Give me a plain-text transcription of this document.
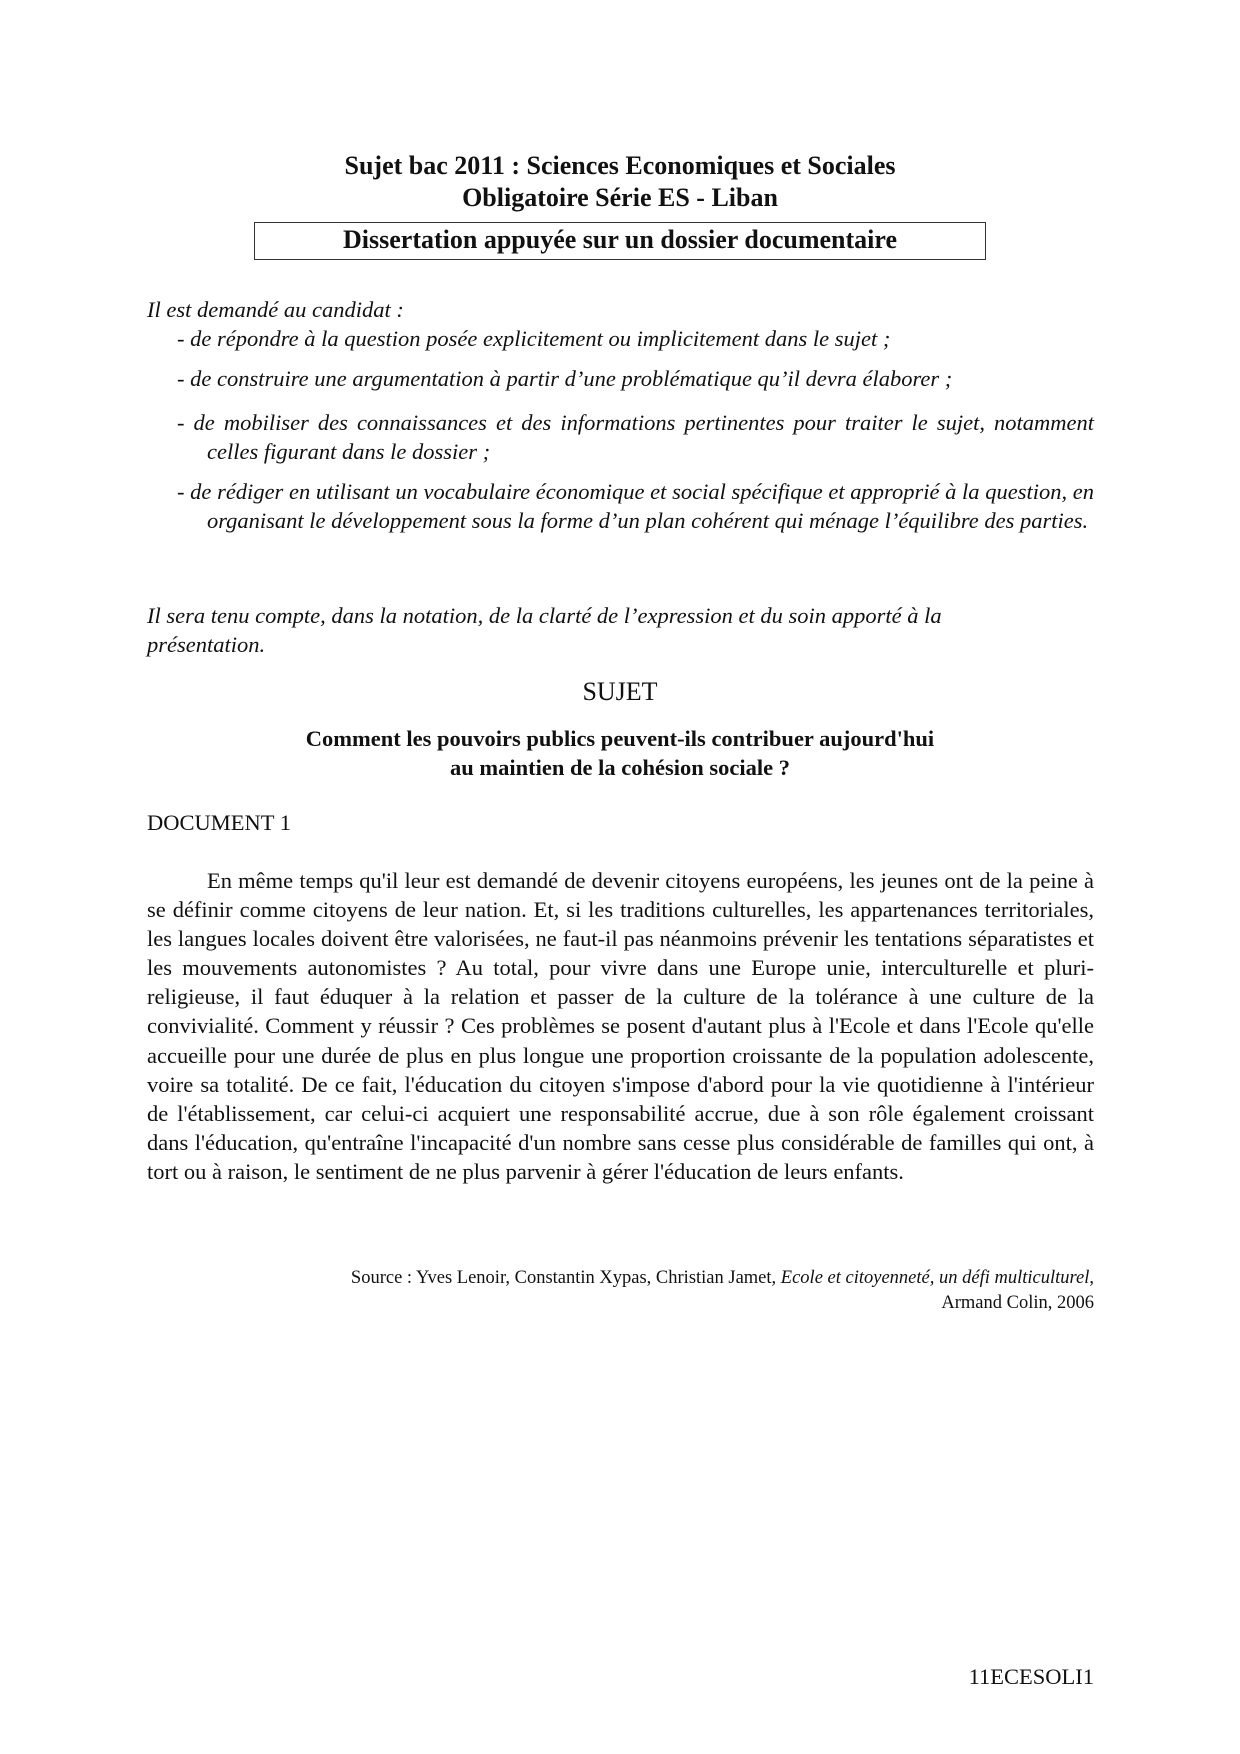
Sujet bac 2011 : Sciences Economiques et Sociales
Obligatoire Série ES - Liban
Dissertation appuyée sur un dossier documentaire
Il est demandé au candidat :
- de répondre à la question posée explicitement ou implicitement dans le sujet ;
- de construire une argumentation à partir d’une problématique qu’il devra élaborer ;
- de mobiliser des connaissances et des informations pertinentes pour traiter le sujet, notamment celles figurant dans le dossier ;
- de rédiger en utilisant un vocabulaire économique et social spécifique et approprié à la question, en organisant le développement sous la forme d’un plan cohérent qui ménage l’équilibre des parties.
Il sera tenu compte, dans la notation, de la clarté de l’expression et du soin apporté à la présentation.
SUJET
Comment les pouvoirs publics peuvent-ils contribuer aujourd'hui
au maintien de la cohésion sociale ?
DOCUMENT 1

En même temps qu'il leur est demandé de devenir citoyens européens, les jeunes ont de la peine à se définir comme citoyens de leur nation. Et, si les traditions culturelles, les appartenances territoriales, les langues locales doivent être valorisées, ne faut-il pas néanmoins prévenir les tentations séparatistes et les mouvements autonomistes ? Au total, pour vivre dans une Europe unie, interculturelle et pluri-religieuse, il faut éduquer à la relation et passer de la culture de la tolérance à une culture de la convivialité. Comment y réussir ? Ces problèmes se posent d'autant plus à l'Ecole et dans l'Ecole qu'elle accueille pour une durée de plus en plus longue une proportion croissante de la population adolescente, voire sa totalité. De ce fait, l'éducation du citoyen s'impose d'abord pour la vie quotidienne à l'intérieur de l'établissement, car celui-ci acquiert une responsabilité accrue, due à son rôle également croissant dans l'éducation, qu'entraîne l'incapacité d'un nombre sans cesse plus considérable de familles qui ont, à tort ou à raison, le sentiment de ne plus parvenir à gérer l'éducation de leurs enfants.

Source : Yves Lenoir, Constantin Xypas, Christian Jamet, Ecole et citoyenneté, un défi multiculturel,
Armand Colin, 2006
11ECESOLI1
